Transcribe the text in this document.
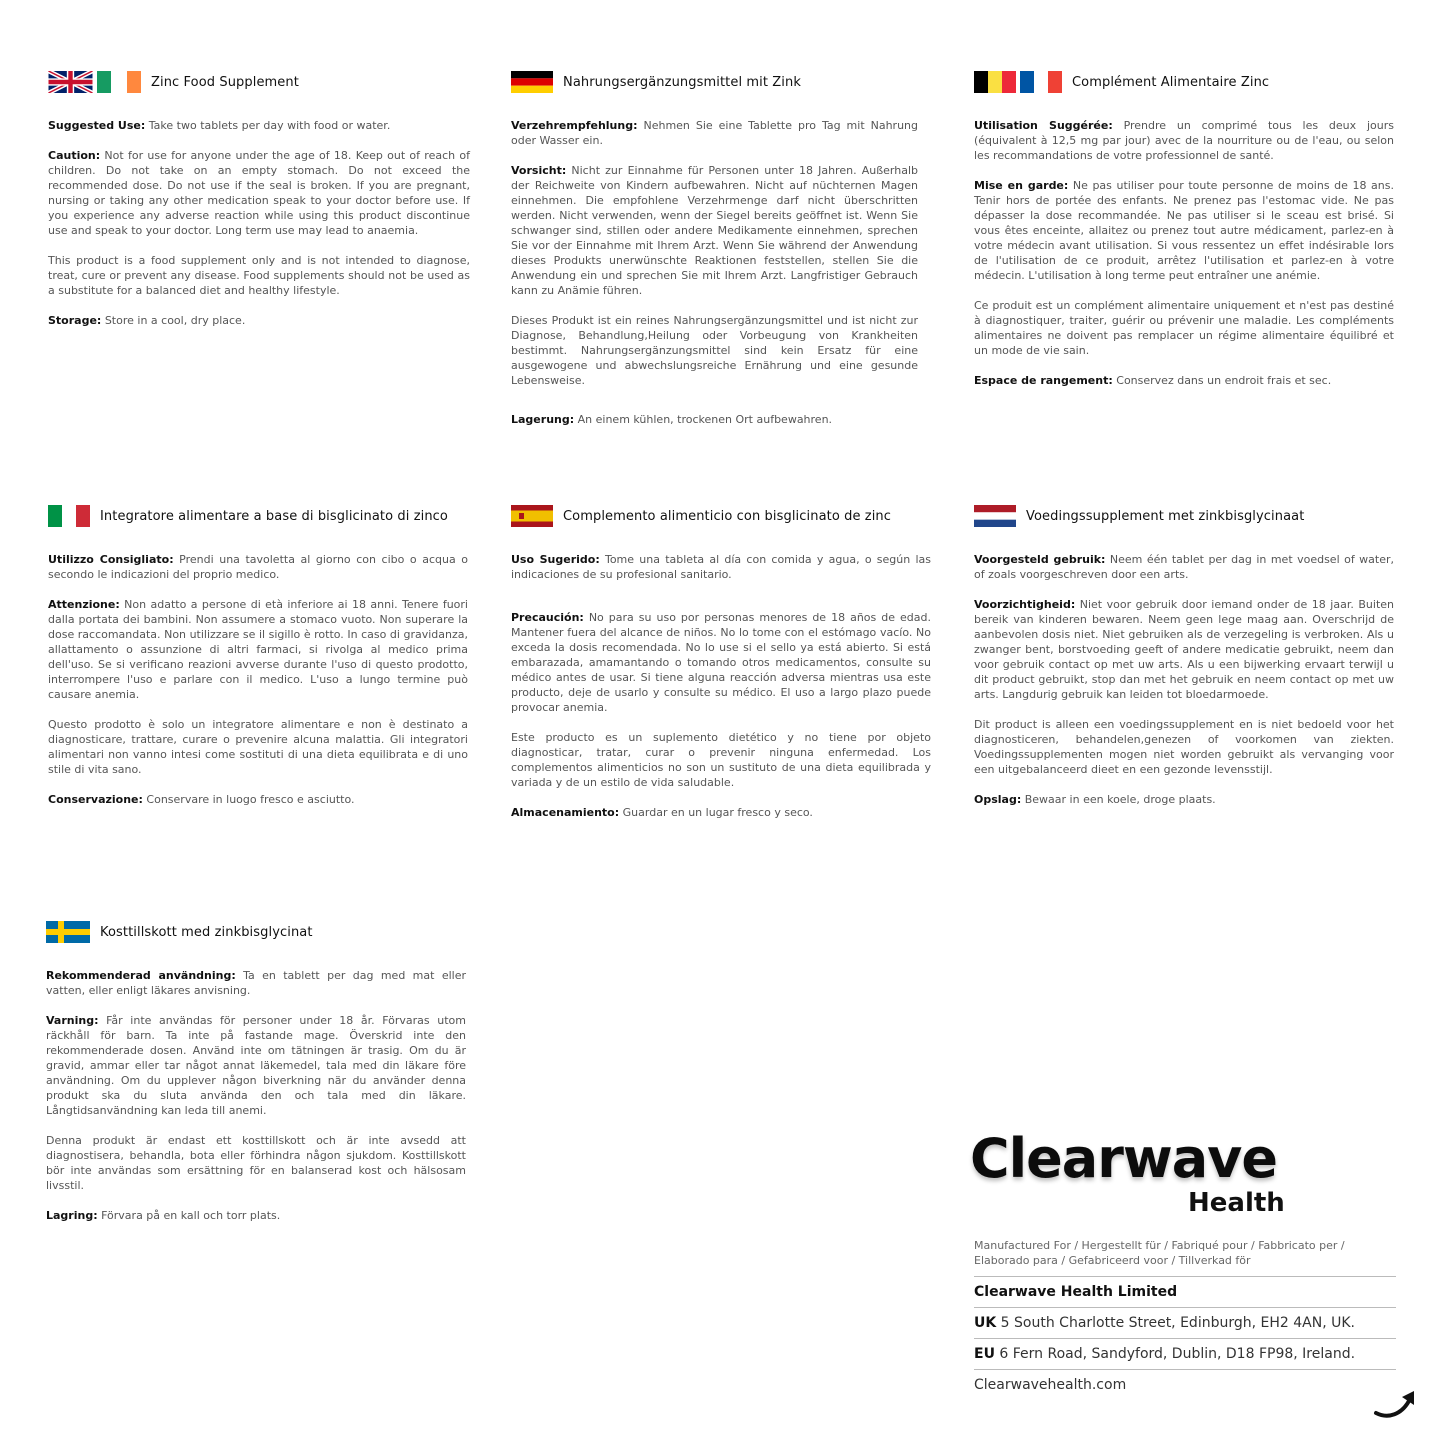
Zinc Food Supplement

Suggested Use: Take two tablets per day with food or water.

Caution: Not for use for anyone under the age of 18. Keep out of reach of children. Do not take on an empty stomach. Do not exceed the recommended dose. Do not use if the seal is broken. If you are pregnant, nursing or taking any other medication speak to your doctor before use. If you experience any adverse reaction while using this product discontinue use and speak to your doctor. Long term use may lead to anaemia.

This product is a food supplement only and is not intended to diagnose, treat, cure or prevent any disease. Food supplements should not be used as a substitute for a balanced diet and healthy lifestyle.

Storage: Store in a cool, dry place.

Nahrungsergänzungsmittel mit Zink

Verzehrempfehlung: Nehmen Sie eine Tablette pro Tag mit Nahrung oder Wasser ein.

Vorsicht: Nicht zur Einnahme für Personen unter 18 Jahren. Außerhalb der Reichweite von Kindern aufbewahren. Nicht auf nüchternen Magen einnehmen. Die empfohlene Verzehrmenge darf nicht überschritten werden. Nicht verwenden, wenn der Siegel bereits geöffnet ist. Wenn Sie schwanger sind, stillen oder andere Medikamente einnehmen, sprechen Sie vor der Einnahme mit Ihrem Arzt. Wenn Sie während der Anwendung dieses Produkts unerwünschte Reaktionen feststellen, stellen Sie die Anwendung ein und sprechen Sie mit Ihrem Arzt. Langfristiger Gebrauch kann zu Anämie führen.

Dieses Produkt ist ein reines Nahrungsergänzungsmittel und ist nicht zur Diagnose, Behandlung,Heilung oder Vorbeugung von Krankheiten bestimmt. Nahrungsergänzungsmittel sind kein Ersatz für eine ausgewogene und abwechslungsreiche Ernährung und eine gesunde Lebensweise.

Lagerung: An einem kühlen, trockenen Ort aufbewahren.

Complément Alimentaire Zinc

Utilisation Suggérée: Prendre un comprimé tous les deux jours (équivalent à 12,5 mg par jour) avec de la nourriture ou de l'eau, ou selon les recommandations de votre professionnel de santé.

Mise en garde: Ne pas utiliser pour toute personne de moins de 18 ans. Tenir hors de portée des enfants. Ne prenez pas l'estomac vide. Ne pas dépasser la dose recommandée. Ne pas utiliser si le sceau est brisé. Si vous êtes enceinte, allaitez ou prenez tout autre médicament, parlez-en à votre médecin avant utilisation. Si vous ressentez un effet indésirable lors de l'utilisation de ce produit, arrêtez l'utilisation et parlez-en à votre médecin. L'utilisation à long terme peut entraîner une anémie.

Ce produit est un complément alimentaire uniquement et n'est pas destiné à diagnostiquer, traiter, guérir ou prévenir une maladie. Les compléments alimentaires ne doivent pas remplacer un régime alimentaire équilibré et un mode de vie sain.

Espace de rangement: Conservez dans un endroit frais et sec.

Integratore alimentare a base di bisglicinato di zinco

Utilizzo Consigliato: Prendi una tavoletta al giorno con cibo o acqua o secondo le indicazioni del proprio medico.

Attenzione: Non adatto a persone di età inferiore ai 18 anni. Tenere fuori dalla portata dei bambini. Non assumere a stomaco vuoto. Non superare la dose raccomandata. Non utilizzare se il sigillo è rotto. In caso di gravidanza, allattamento o assunzione di altri farmaci, si rivolga al medico prima dell'uso. Se si verificano reazioni avverse durante l'uso di questo prodotto, interrompere l'uso e parlare con il medico. L'uso a lungo termine può causare anemia.

Questo prodotto è solo un integratore alimentare e non è destinato a diagnosticare, trattare, curare o prevenire alcuna malattia. Gli integratori alimentari non vanno intesi come sostituti di una dieta equilibrata e di uno stile di vita sano.

Conservazione: Conservare in luogo fresco e asciutto.

Complemento alimenticio con bisglicinato de zinc

Uso Sugerido: Tome una tableta al día con comida y agua, o según las indicaciones de su profesional sanitario.

Precaución: No para su uso por personas menores de 18 años de edad. Mantener fuera del alcance de niños. No lo tome con el estómago vacío. No exceda la dosis recomendada. No lo use si el sello ya está abierto. Si está embarazada, amamantando o tomando otros medicamentos, consulte su médico antes de usar. Si tiene alguna reacción adversa mientras usa este producto, deje de usarlo y consulte su médico. El uso a largo plazo puede provocar anemia.

Este producto es un suplemento dietético y no tiene por objeto diagnosticar, tratar, curar o prevenir ninguna enfermedad. Los complementos alimenticios no son un sustituto de una dieta equilibrada y variada y de un estilo de vida saludable.

Almacenamiento: Guardar en un lugar fresco y seco.

Voedingssupplement met zinkbisglycinaat

Voorgesteld gebruik: Neem één tablet per dag in met voedsel of water, of zoals voorgeschreven door een arts.

Voorzichtigheid: Niet voor gebruik door iemand onder de 18 jaar. Buiten bereik van kinderen bewaren. Neem geen lege maag aan. Overschrijd de aanbevolen dosis niet. Niet gebruiken als de verzegeling is verbroken. Als u zwanger bent, borstvoeding geeft of andere medicatie gebruikt, neem dan voor gebruik contact op met uw arts. Als u een bijwerking ervaart terwijl u dit product gebruikt, stop dan met het gebruik en neem contact op met uw arts. Langdurig gebruik kan leiden tot bloedarmoede.

Dit product is alleen een voedingssupplement en is niet bedoeld voor het diagnosticeren, behandelen,genezen of voorkomen van ziekten. Voedingssupplementen mogen niet worden gebruikt als vervanging voor een uitgebalanceerd dieet en een gezonde levensstijl.

Opslag: Bewaar in een koele, droge plaats.

Kosttillskott med zinkbisglycinat

Rekommenderad användning: Ta en tablett per dag med mat eller vatten, eller enligt läkares anvisning.

Varning: Får inte användas för personer under 18 år. Förvaras utom räckhåll för barn. Ta inte på fastande mage. Överskrid inte den rekommenderade dosen. Använd inte om tätningen är trasig. Om du är gravid, ammar eller tar något annat läkemedel, tala med din läkare före användning. Om du upplever någon biverkning när du använder denna produkt ska du sluta använda den och tala med din läkare. Långtidsanvändning kan leda till anemi.

Denna produkt är endast ett kosttillskott och är inte avsedd att diagnostisera, behandla, bota eller förhindra någon sjukdom. Kosttillskott bör inte användas som ersättning för en balanserad kost och hälsosam livsstil.

Lagring: Förvara på en kall och torr plats.

Clearwave
Health
Manufactured For / Hergestellt für / Fabriqué pour / Fabbricato per / Elaborado para / Gefabriceerd voor / Tillverkad för
Clearwave Health Limited
UK 5 South Charlotte Street, Edinburgh, EH2 4AN, UK.
EU 6 Fern Road, Sandyford, Dublin, D18 FP98, Ireland.
Clearwavehealth.com
